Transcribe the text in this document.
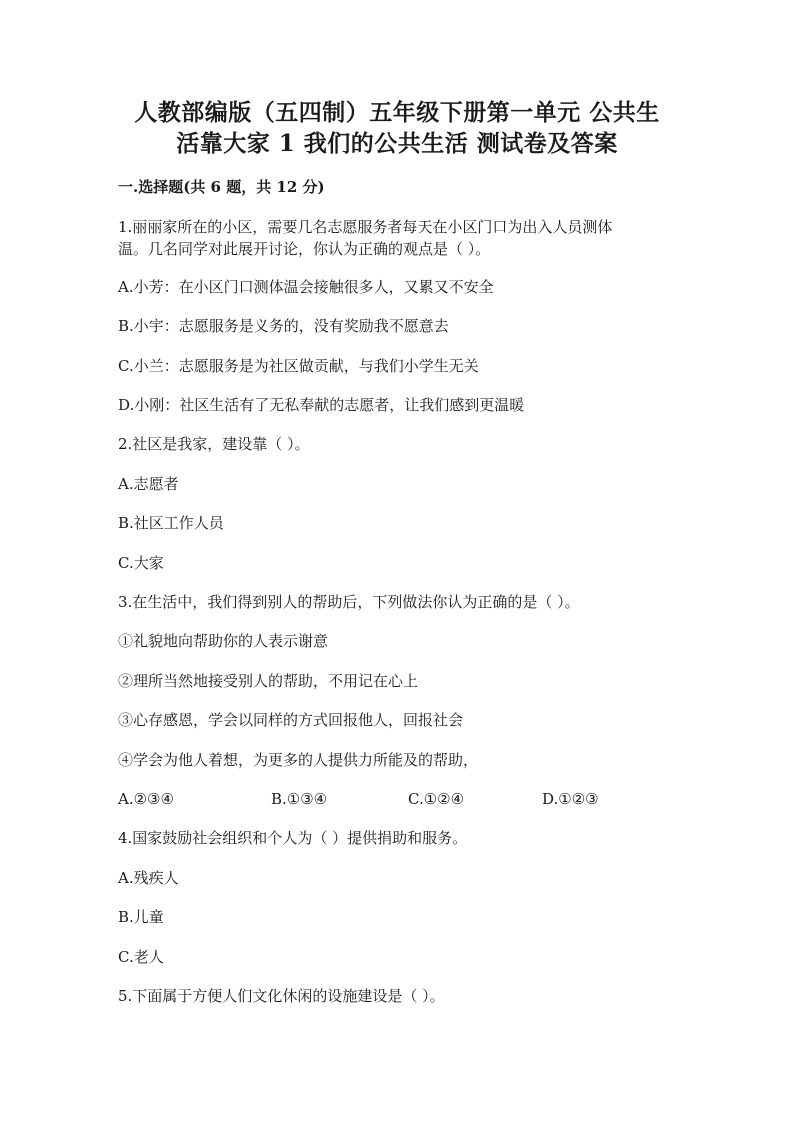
人教部编版（五四制）五年级下册第一单元 公共生
活靠大家 1 我们的公共生活 测试卷及答案
一.选择题(共 6 题，共 12 分)
1.丽丽家所在的小区，需要几名志愿服务者每天在小区门口为出入人员测体
温。几名同学对此展开讨论，你认为正确的观点是（ ）。
A.小芳：在小区门口测体温会接触很多人，又累又不安全
B.小宇：志愿服务是义务的，没有奖励我不愿意去
C.小兰：志愿服务是为社区做贡献，与我们小学生无关
D.小刚：社区生活有了无私奉献的志愿者，让我们感到更温暖
2.社区是我家，建设靠（ ）。
A.志愿者
B.社区工作人员
C.大家
3.在生活中，我们得到别人的帮助后，下列做法你认为正确的是（ ）。
①礼貌地向帮助你的人表示谢意
②理所当然地接受别人的帮助，不用记在心上
③心存感恩，学会以同样的方式回报他人，回报社会
④学会为他人着想，为更多的人提供力所能及的帮助，
A.②③④	B.①③④	C.①②④	D.①②③
4.国家鼓励社会组织和个人为（ ）提供捐助和服务。
A.残疾人
B.儿童
C.老人
5.下面属于方便人们文化休闲的设施建设是（ ）。
